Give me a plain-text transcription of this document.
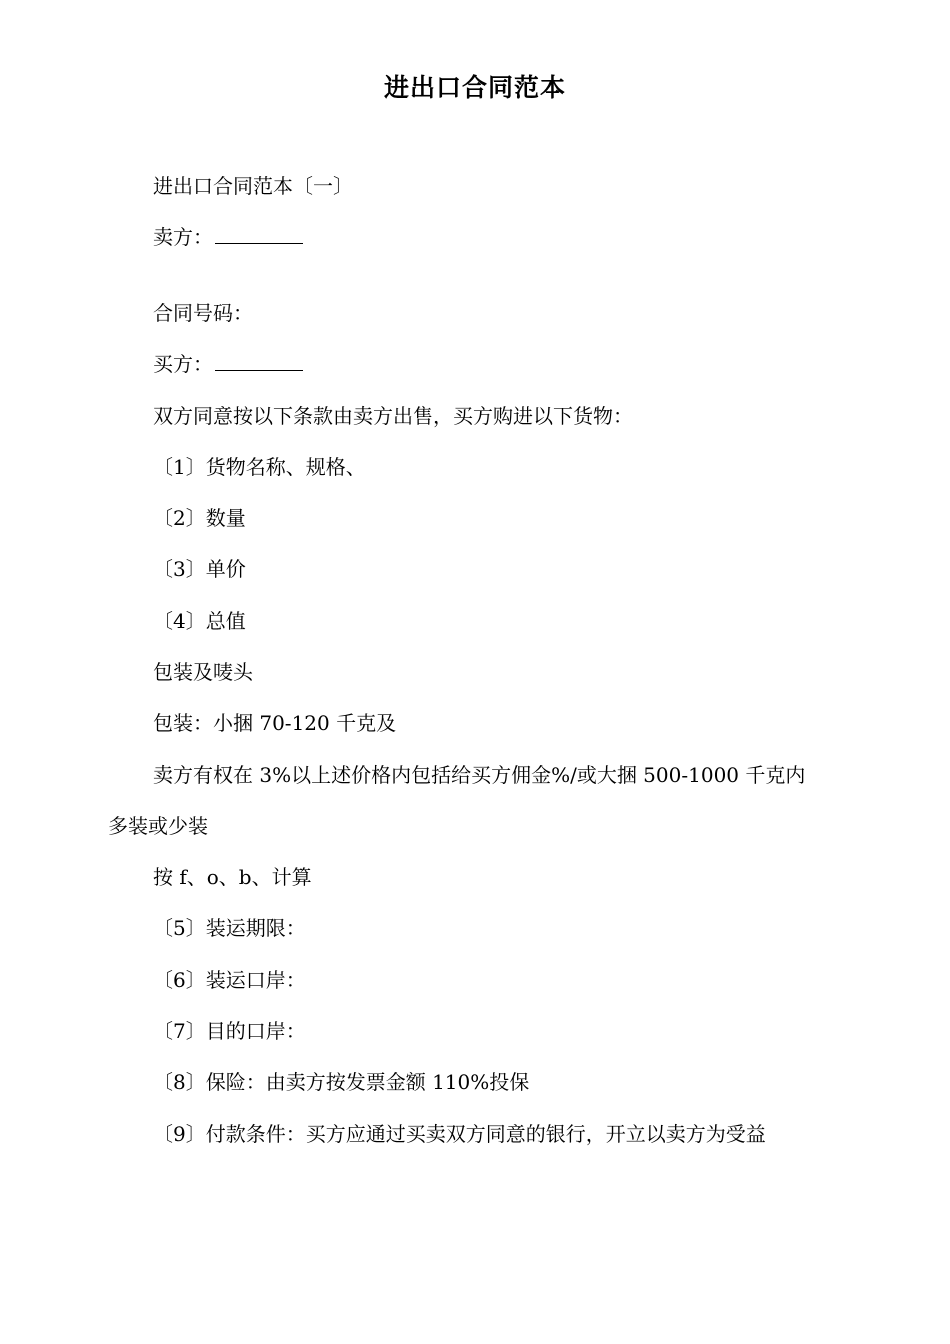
进出口合同范本
进出口合同范本〔一〕
卖方：
合同号码：
买方：
双方同意按以下条款由卖方出售，买方购进以下货物：
〔1〕货物名称、规格、
〔2〕数量
〔3〕单价
〔4〕总值
包装及唛头
包装：小捆 70-120 千克及
卖方有权在 3%以上述价格内包括给买方佣金%/或大捆 500-1000 千克内
多装或少装
按 f、o、b、计算
〔5〕装运期限：
〔6〕装运口岸：
〔7〕目的口岸：
〔8〕保险：由卖方按发票金额 110%投保
〔9〕付款条件：买方应通过买卖双方同意的银行，开立以卖方为受益
